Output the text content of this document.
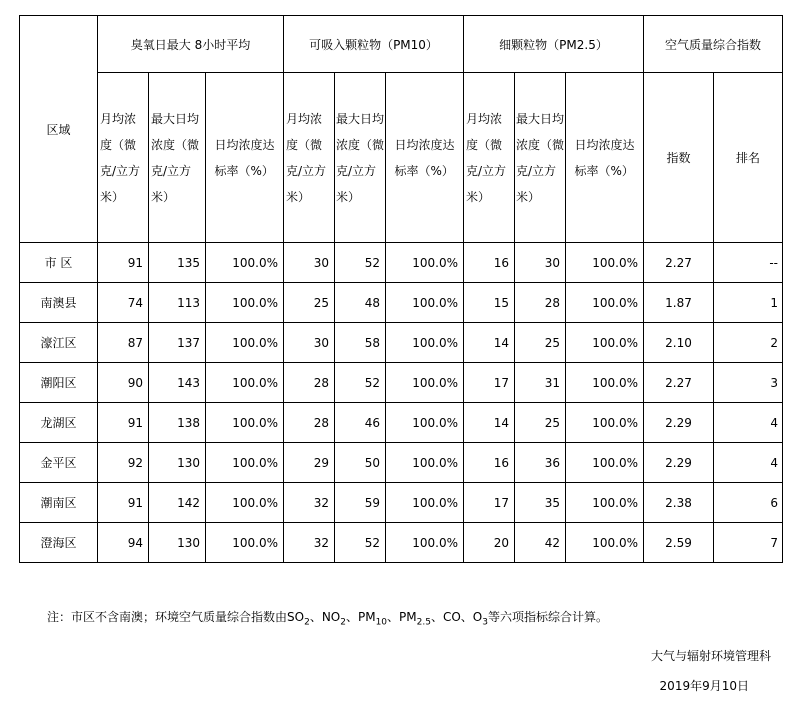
区域	臭氧日最大 8小时平均			可吸入颗粒物（PM10）			细颗粒物（PM2.5）			空气质量综合指数	
	月均浓度（微克/立方米）	最大日均浓度（微克/立方米）	日均浓度达标率（%）	月均浓度（微克/立方米）	最大日均浓度（微克/立方米）	日均浓度达标率（%）	月均浓度（微克/立方米）	最大日均浓度（微克/立方米）	日均浓度达标率（%）	指数	排名
市 区	91	135	100.0%	30	52	100.0%	16	30	100.0%	2.27	--
南澳县	74	113	100.0%	25	48	100.0%	15	28	100.0%	1.87	1
濠江区	87	137	100.0%	30	58	100.0%	14	25	100.0%	2.10	2
潮阳区	90	143	100.0%	28	52	100.0%	17	31	100.0%	2.27	3
龙湖区	91	138	100.0%	28	46	100.0%	14	25	100.0%	2.29	4
金平区	92	130	100.0%	29	50	100.0%	16	36	100.0%	2.29	4
潮南区	91	142	100.0%	32	59	100.0%	17	35	100.0%	2.38	6
澄海区	94	130	100.0%	32	52	100.0%	20	42	100.0%	2.59	7
注：市区不含南澳；环境空气质量综合指数由$SO_2$、$NO_2$、$PM_{10}$、$PM_{2.5}$、CO、$O_3$等六项指标综合计算。
大气与辐射环境管理科
2019年9月10日
